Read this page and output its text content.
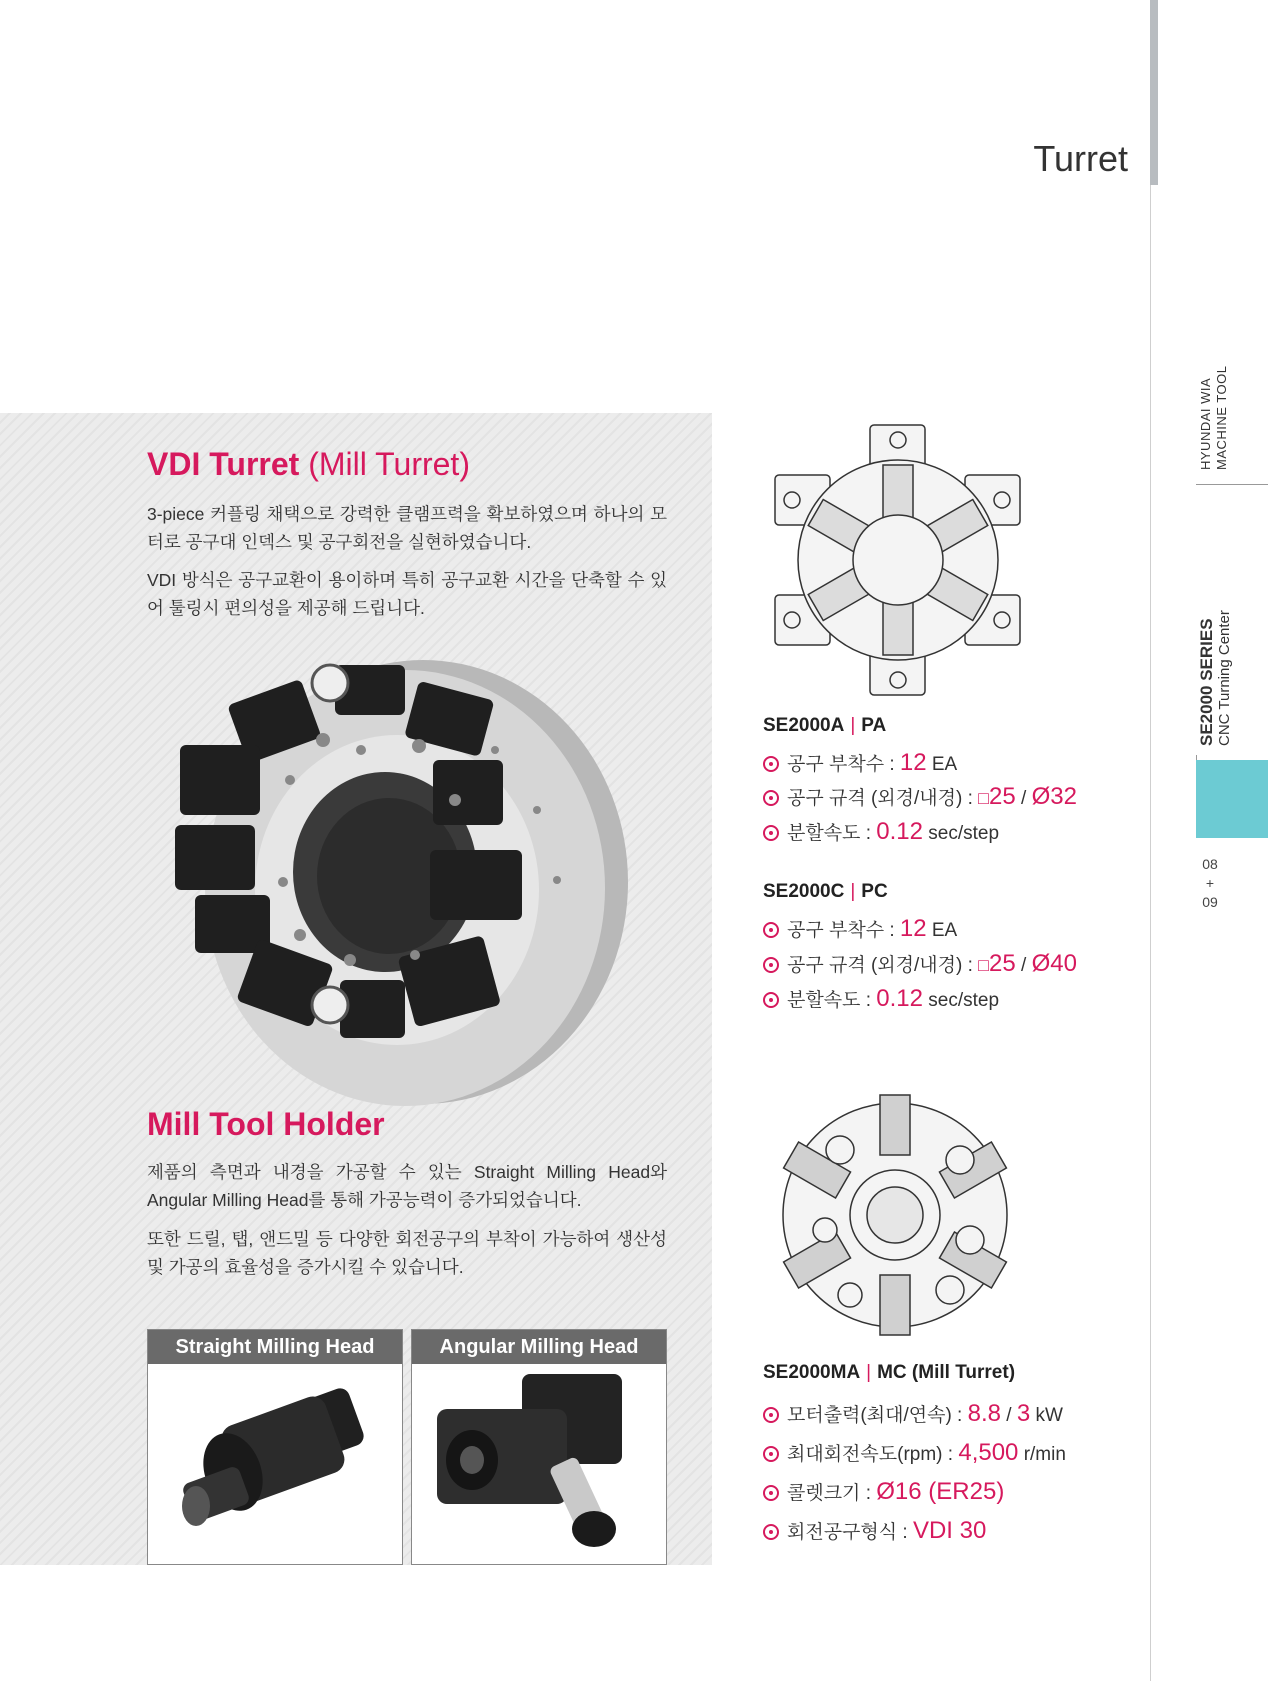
Turret
HYUNDAI WIA
MACHINE TOOL
SE2000 SERIES
CNC Turning Center
08
+
09
VDI Turret (Mill Turret)
3-piece 커플링 채택으로 강력한 클램프력을 확보하였으며 하나의 모터로 공구대 인덱스 및 공구회전을 실현하였습니다.
VDI 방식은 공구교환이 용이하며 특히 공구교환 시간을 단축할 수 있어 툴링시 편의성을 제공해 드립니다.
Mill Tool Holder
제품의 측면과 내경을 가공할 수 있는 Straight Milling Head와 Angular Milling Head를 통해 가공능력이 증가되었습니다.
또한 드릴, 탭, 앤드밀 등 다양한 회전공구의 부착이 가능하여 생산성 및 가공의 효율성을 증가시킬 수 있습니다.
Straight Milling Head	Angular Milling Head
SE2000A | PA
공구 부착수 : 12 EA
공구 규격 (외경/내경) : □25 / Ø32
분할속도 : 0.12 sec/step
SE2000C | PC
공구 부착수 : 12 EA
공구 규격 (외경/내경) : □25 / Ø40
분할속도 : 0.12 sec/step
SE2000MA | MC (Mill Turret)
모터출력(최대/연속) : 8.8 / 3 kW
최대회전속도(rpm) : 4,500 r/min
콜렛크기 : Ø16 (ER25)
회전공구형식 : VDI 30
